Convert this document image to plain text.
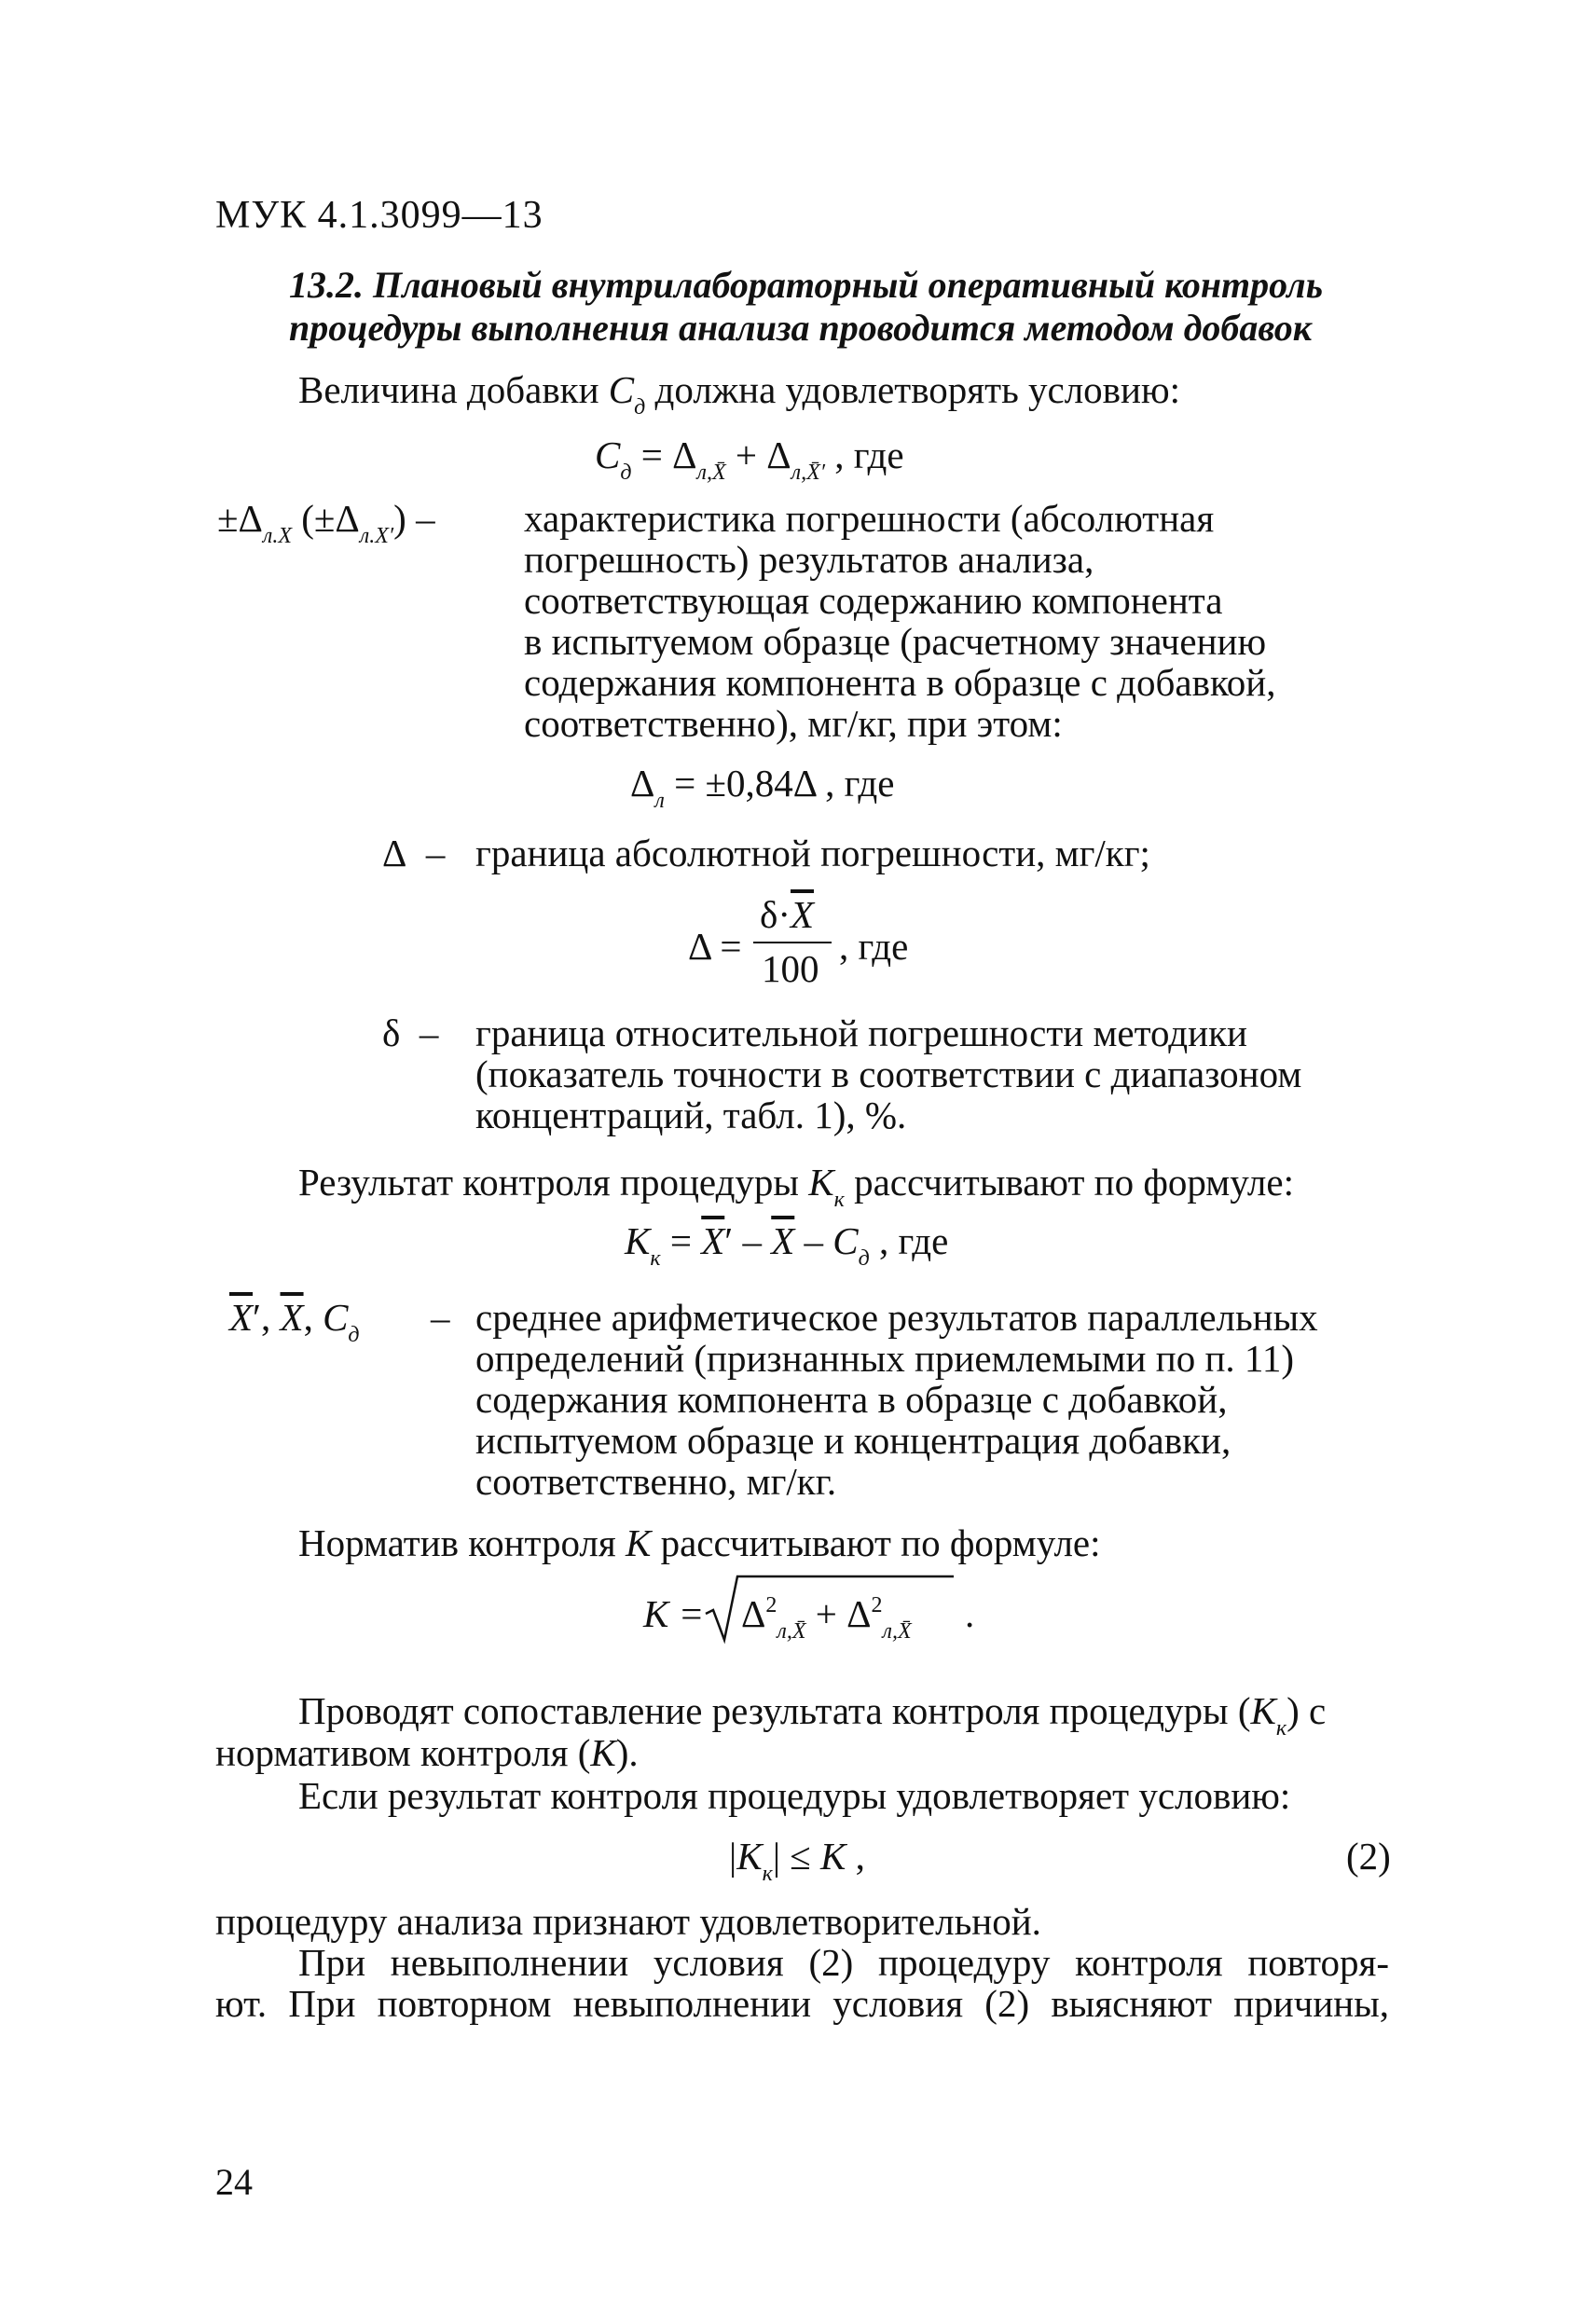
МУК 4.1.3099—13
13.2. Плановый внутрилабораторный оперативный контроль
процедуры выполнения анализа проводится методом добавок
Величина добавки $C_д$ должна удовлетворять условию:
$C_д = \Delta_{л,X̄} + \Delta_{л,X̄'}$ , где
$\pm\Delta_{л.X}$ $(\pm\Delta_{л.X'})$ – характеристика погрешности (абсолютная
погрешность) результатов анализа,
соответствующая содержанию компонента
в испытуемом образце (расчетному значению
содержания компонента в образце с добавкой,
соответственно), мг/кг, при этом:
$\Delta_л = \pm 0,84\Delta$ , где
Δ – граница абсолютной погрешности, мг/кг;
Δ =
$\delta\cdot\overline{X}$
100
, где
δ – граница относительной погрешности методики
(показатель точности в соответствии с диапазоном
концентраций, табл. 1), %.
Результат контроля процедуры $K_к$ рассчитывают по формуле:
$K_к = \overline{X}' - \overline{X} - C_д$ , где
$\overline{X}'$, $\overline{X}$, $C_д$ – среднее арифметическое результатов параллельных
определений (признанных приемлемыми по п. 11)
содержания компонента в образце с добавкой,
испытуемом образце и концентрация добавки,
соответственно, мг/кг.
Норматив контроля K рассчитывают по формуле:
$K = \Delta^2_{л,X̄} + \Delta^2_{л,X̄}$ .
Проводят сопоставление результата контроля процедуры $(K_к)$ с
нормативом контроля (K).
Если результат контроля процедуры удовлетворяет условию:
$|K_к| \le K$ ,	(2)
процедуру анализа признают удовлетворительной.
При невыполнении условия (2) процедуру контроля повторя-
ют. При повторном невыполнении условия (2) выясняют причины,
24
